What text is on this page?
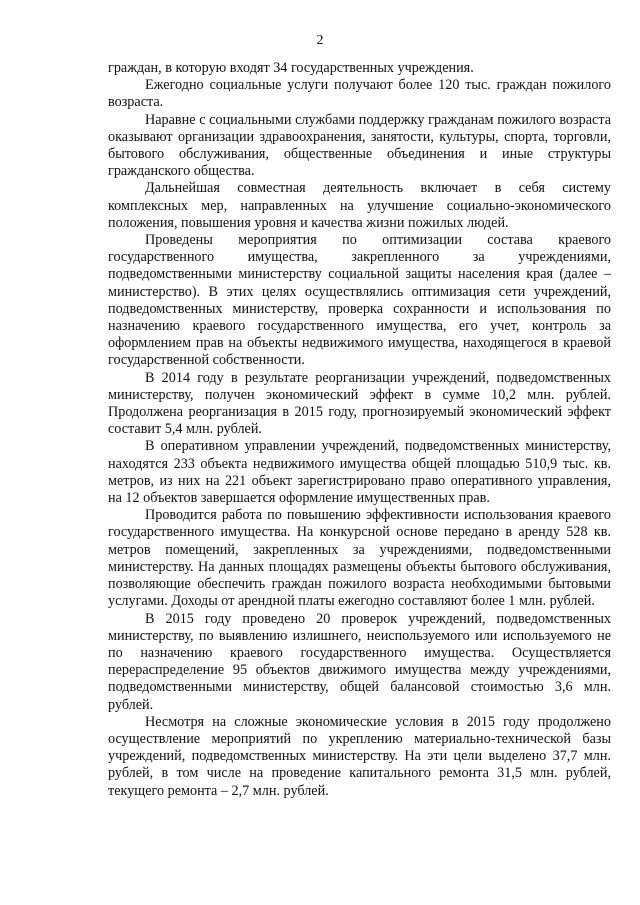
2

граждан, в которую входят 34 государственных учреждения.

Ежегодно социальные услуги получают более 120 тыс. граждан пожилого возраста.

Наравне с социальными службами поддержку гражданам пожилого возраста оказывают организации здравоохранения, занятости, культуры, спорта, торговли, бытового обслуживания, общественные объединения и иные структуры гражданского общества.

Дальнейшая совместная деятельность включает в себя систему комплексных мер, направленных на улучшение социально-экономического положения, повышения уровня и качества жизни пожилых людей.

Проведены мероприятия по оптимизации состава краевого государственного имущества, закрепленного за учреждениями, подведомственными министерству социальной защиты населения края (далее – министерство). В этих целях осуществлялись оптимизация сети учреждений, подведомственных министерству, проверка сохранности и использования по назначению краевого государственного имущества, его учет, контроль за оформлением прав на объекты недвижимого имущества, находящегося в краевой государственной собственности.

В 2014 году в результате реорганизации учреждений, подведомственных министерству, получен экономический эффект в сумме 10,2 млн. рублей. Продолжена реорганизация в 2015 году, прогнозируемый экономический эффект составит 5,4 млн. рублей.

В оперативном управлении учреждений, подведомственных министерству, находятся 233 объекта недвижимого имущества общей площадью 510,9 тыс. кв. метров, из них на 221 объект зарегистрировано право оперативного управления, на 12 объектов завершается оформление имущественных прав.

Проводится работа по повышению эффективности использования краевого государственного имущества. На конкурсной основе передано в аренду 528 кв. метров помещений, закрепленных за учреждениями, подведомственными министерству. На данных площадях размещены объекты бытового обслуживания, позволяющие обеспечить граждан пожилого возраста необходимыми бытовыми услугами. Доходы от арендной платы ежегодно составляют более 1 млн. рублей.

В 2015 году проведено 20 проверок учреждений, подведомственных министерству, по выявлению излишнего, неиспользуемого или используемого не по назначению краевого государственного имущества. Осуществляется перераспределение 95 объектов движимого имущества между учреждениями, подведомственными министерству, общей балансовой стоимостью 3,6 млн. рублей.

Несмотря на сложные экономические условия в 2015 году продолжено осуществление мероприятий по укреплению материально-технической базы учреждений, подведомственных министерству. На эти цели выделено 37,7 млн. рублей, в том числе на проведение капитального ремонта 31,5 млн. рублей, текущего ремонта – 2,7 млн. рублей.
